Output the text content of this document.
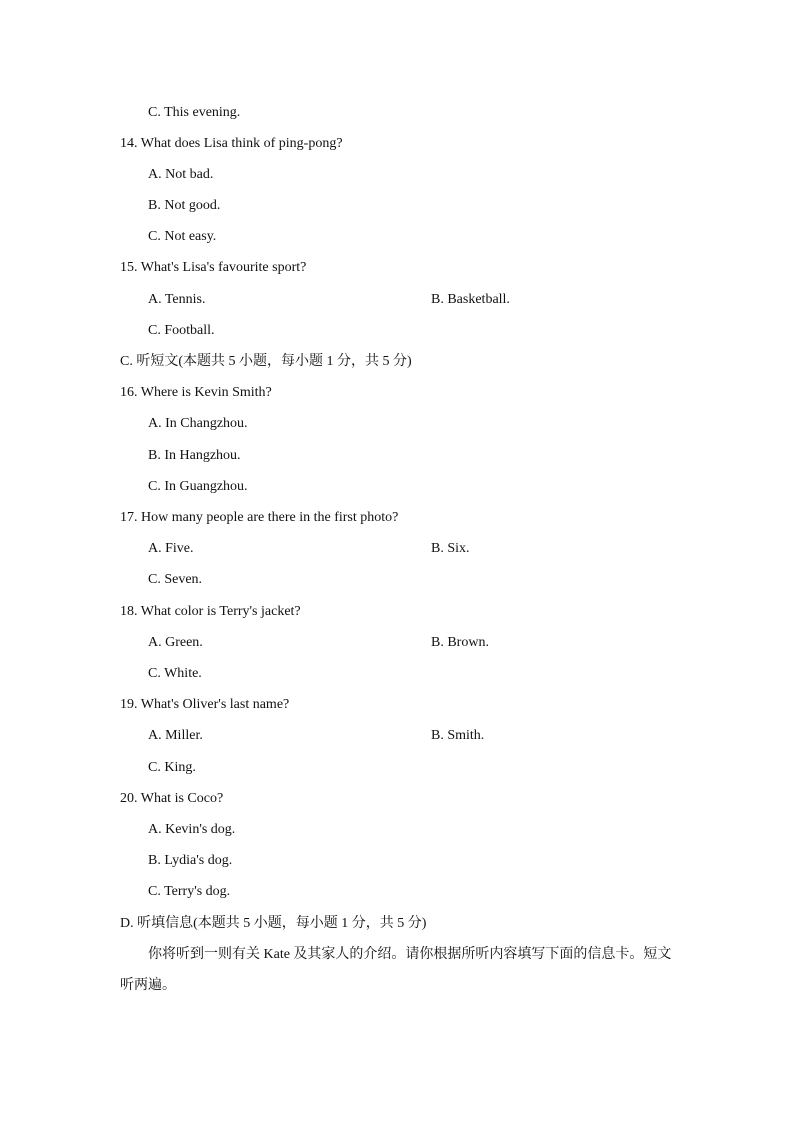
C. This evening.
14. What does Lisa think of ping-pong?
A. Not bad.
B. Not good.
C. Not easy.
15. What's Lisa's favourite sport?
A. Tennis.	B. Basketball.
C. Football.
C. 听短文(本题共 5 小题，每小题 1 分，共 5 分)
16. Where is Kevin Smith?
A. In Changzhou.
B. In Hangzhou.
C. In Guangzhou.
17. How many people are there in the first photo?
A. Five.	B. Six.
C. Seven.
18. What color is Terry's jacket?
A. Green.	B. Brown.
C. White.
19. What's Oliver's last name?
A. Miller.	B. Smith.
C. King.
20. What is Coco?
A. Kevin's dog.
B. Lydia's dog.
C. Terry's dog.
D. 听填信息(本题共 5 小题，每小题 1 分，共 5 分)
你将听到一则有关 Kate 及其家人的介绍。请你根据所听内容填写下面的信息卡。短文听两遍。
